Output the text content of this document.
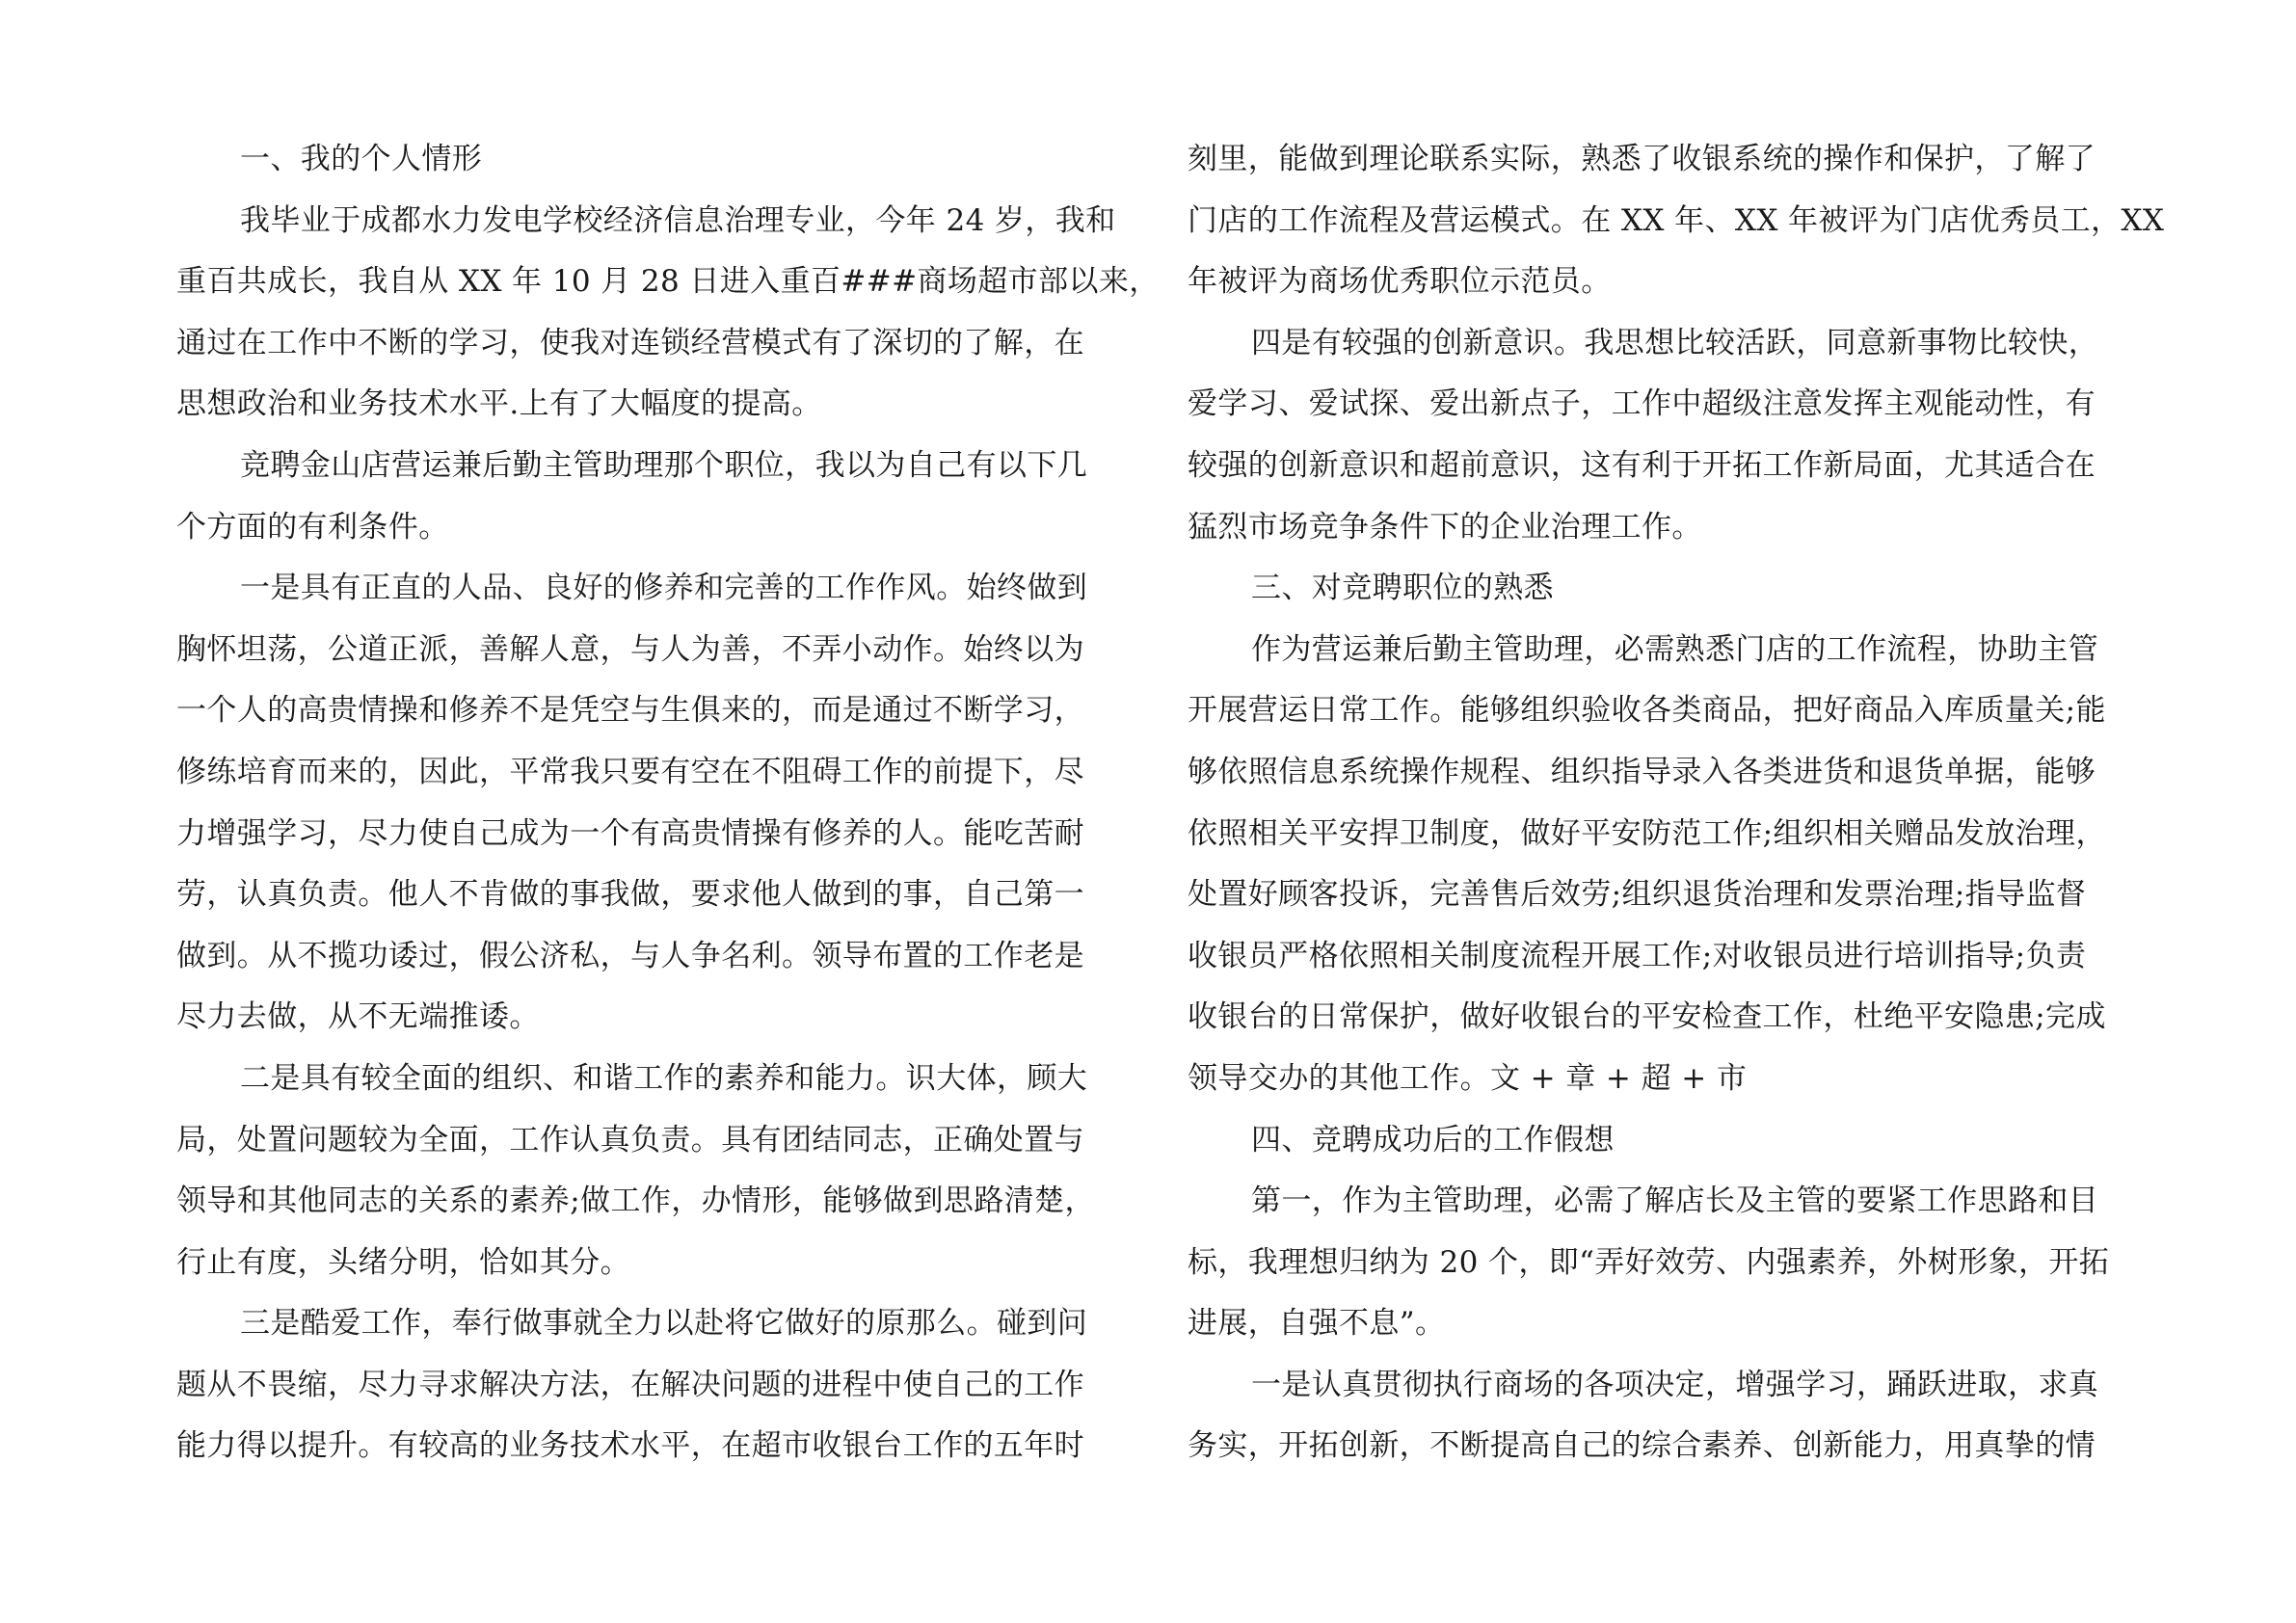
一、我的个人情形
我毕业于成都水力发电学校经济信息治理专业，今年 24 岁，我和
重百共成长，我自从 XX 年 10 月 28 日进入重百###商场超市部以来，
通过在工作中不断的学习，使我对连锁经营模式有了深切的了解，在
思想政治和业务技术水平.上有了大幅度的提高。
竞聘金山店营运兼后勤主管助理那个职位，我以为自己有以下几
个方面的有利条件。
一是具有正直的人品、良好的修养和完善的工作作风。始终做到
胸怀坦荡，公道正派，善解人意，与人为善，不弄小动作。始终以为
一个人的高贵情操和修养不是凭空与生俱来的，而是通过不断学习，
修练培育而来的，因此，平常我只要有空在不阻碍工作的前提下，尽
力增强学习，尽力使自己成为一个有高贵情操有修养的人。能吃苦耐
劳，认真负责。他人不肯做的事我做，要求他人做到的事，自己第一
做到。从不揽功诿过，假公济私，与人争名利。领导布置的工作老是
尽力去做，从不无端推诿。
二是具有较全面的组织、和谐工作的素养和能力。识大体，顾大
局，处置问题较为全面，工作认真负责。具有团结同志，正确处置与
领导和其他同志的关系的素养;做工作，办情形，能够做到思路清楚，
行止有度，头绪分明，恰如其分。
三是酷爱工作，奉行做事就全力以赴将它做好的原那么。碰到问
题从不畏缩，尽力寻求解决方法，在解决问题的进程中使自己的工作
能力得以提升。有较高的业务技术水平，在超市收银台工作的五年时
刻里，能做到理论联系实际，熟悉了收银系统的操作和保护，了解了
门店的工作流程及营运模式。在 XX 年、XX 年被评为门店优秀员工，XX
年被评为商场优秀职位示范员。
四是有较强的创新意识。我思想比较活跃，同意新事物比较快，
爱学习、爱试探、爱出新点子，工作中超级注意发挥主观能动性，有
较强的创新意识和超前意识，这有利于开拓工作新局面，尤其适合在
猛烈市场竞争条件下的企业治理工作。
三、对竞聘职位的熟悉
作为营运兼后勤主管助理，必需熟悉门店的工作流程，协助主管
开展营运日常工作。能够组织验收各类商品，把好商品入库质量关;能
够依照信息系统操作规程、组织指导录入各类进货和退货单据，能够
依照相关平安捍卫制度，做好平安防范工作;组织相关赠品发放治理，
处置好顾客投诉，完善售后效劳;组织退货治理和发票治理;指导监督
收银员严格依照相关制度流程开展工作;对收银员进行培训指导;负责
收银台的日常保护，做好收银台的平安检查工作，杜绝平安隐患;完成
领导交办的其他工作。文 + 章 + 超 + 市
四、竞聘成功后的工作假想
第一，作为主管助理，必需了解店长及主管的要紧工作思路和目
标，我理想归纳为 20 个，即“弄好效劳、内强素养，外树形象，开拓
进展，自强不息”。
一是认真贯彻执行商场的各项决定，增强学习，踊跃进取，求真
务实，开拓创新，不断提高自己的综合素养、创新能力，用真挚的情
